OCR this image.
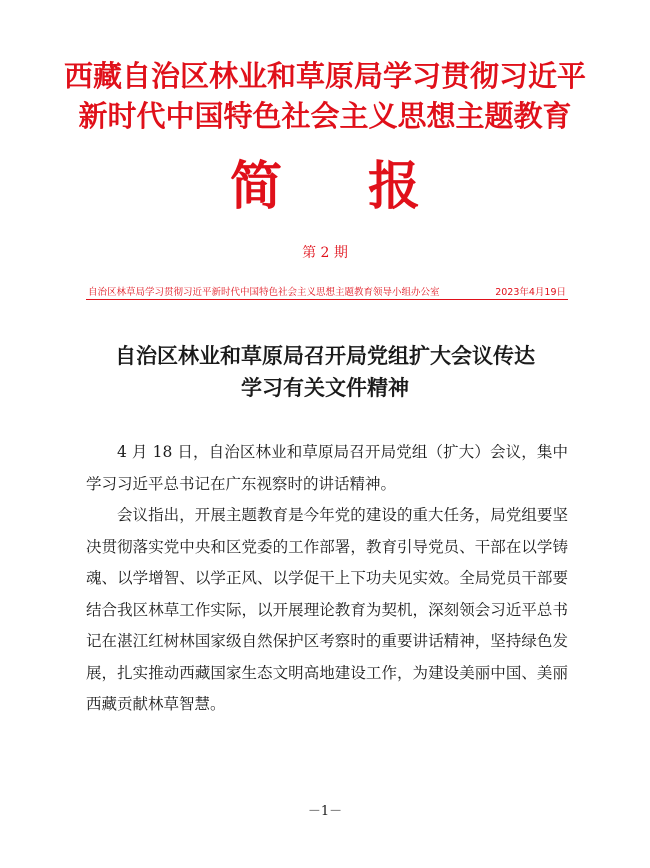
西藏自治区林业和草原局学习贯彻习近平
新时代中国特色社会主义思想主题教育
简 报
第 2 期
自治区林草局学习贯彻习近平新时代中国特色社会主义思想主题教育领导小组办公室	2023年4月19日
自治区林业和草原局召开局党组扩大会议传达
学习有关文件精神

4 月 18 日，自治区林业和草原局召开局党组（扩大）会议，集中学习习近平总书记在广东视察时的讲话精神。

会议指出，开展主题教育是今年党的建设的重大任务，局党组要坚决贯彻落实党中央和区党委的工作部署，教育引导党员、干部在以学铸魂、以学增智、以学正风、以学促干上下功夫见实效。全局党员干部要结合我区林草工作实际，以开展理论教育为契机，深刻领会习近平总书记在湛江红树林国家级自然保护区考察时的重要讲话精神，坚持绿色发展，扎实推动西藏国家生态文明高地建设工作，为建设美丽中国、美丽西藏贡献林草智慧。

－1－
